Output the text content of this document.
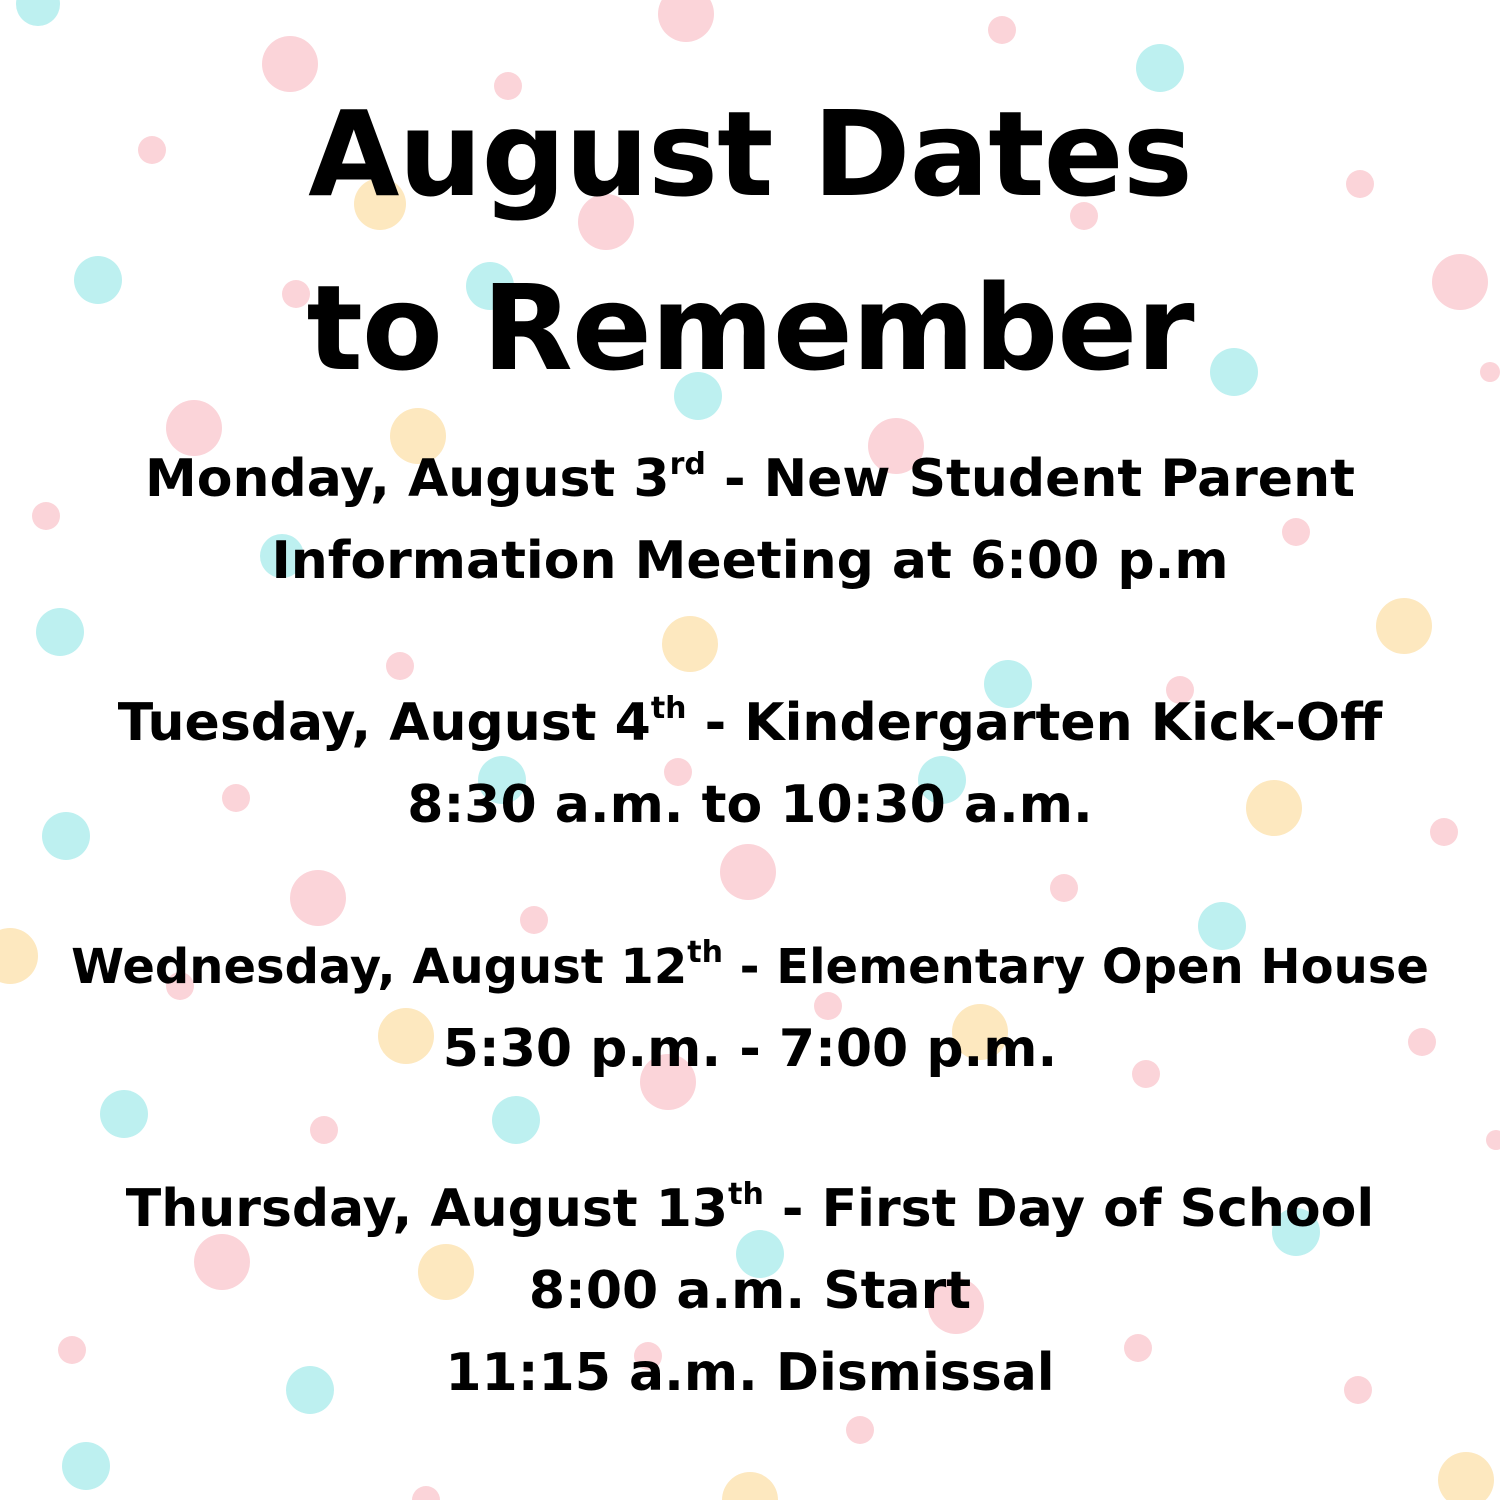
August Dates
to Remember
Monday, August 3rd - New Student Parent
Information Meeting at 6:00 p.m
Tuesday, August 4th - Kindergarten Kick-Off
8:30 a.m. to 10:30 a.m.
Wednesday, August 12th - Elementary Open House
5:30 p.m. - 7:00 p.m.
Thursday, August 13th - First Day of School
8:00 a.m. Start
11:15 a.m. Dismissal
